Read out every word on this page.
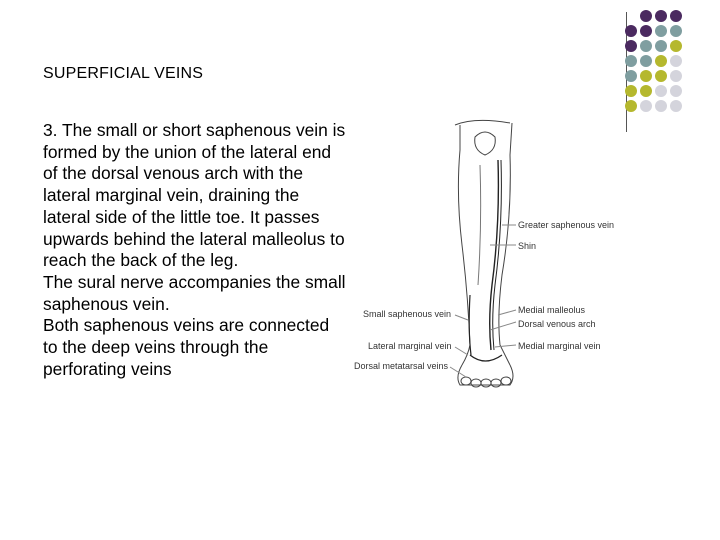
SUPERFICIAL VEINS

3. The small or short saphenous vein is formed by the union of the lateral end of the dorsal venous arch with the lateral marginal vein, draining the lateral side of the little toe. It passes upwards behind the lateral malleolus to reach the back of the leg.

The sural nerve accompanies the small saphenous vein.

Both saphenous veins are connected to the deep veins through the perforating veins

Greater saphenous vein
Shin
Medial malleolus
Dorsal venous arch
Medial marginal vein
Small saphenous vein
Lateral marginal vein
Dorsal metatarsal veins
